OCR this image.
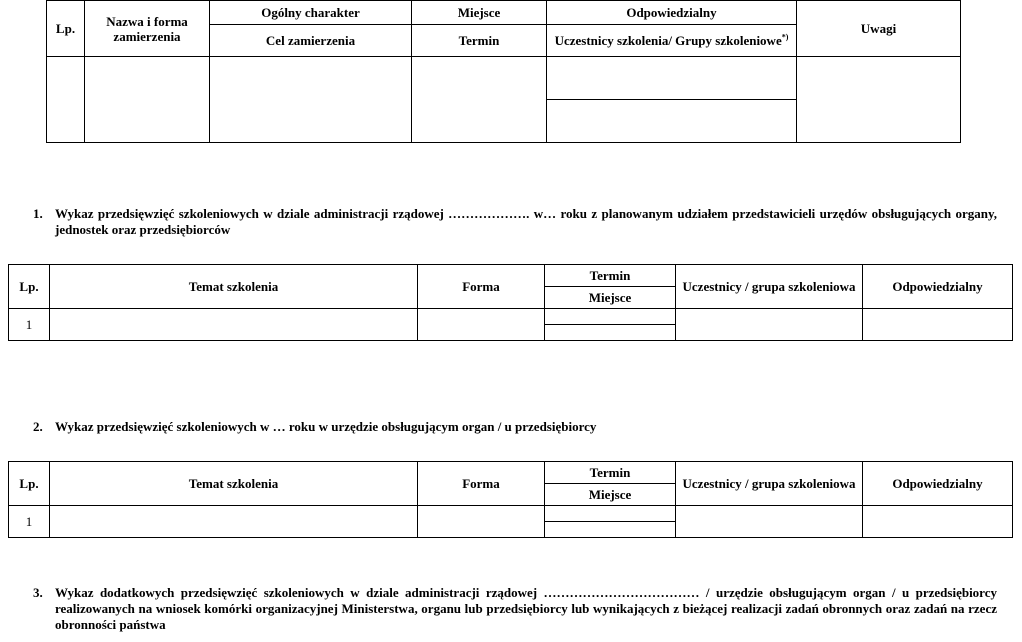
Lp.	Nazwa i forma zamierzenia	Ogólny charakter	Miejsce	Odpowiedzialny	Uwagi
		Cel zamierzenia	Termin	Uczestnicy szkolenia/ Grupy szkoleniowe*)

1. Wykaz przedsięwzięć szkoleniowych w dziale administracji rządowej ………………. w… roku z planowanym udziałem przedstawicieli urzędów obsługujących organy, jednostek oraz przedsiębiorców
Lp.	Temat szkolenia	Forma	Termin	Uczestnicy / grupa szkoleniowa	Odpowiedzialny
			Miejsce		
1					

2. Wykaz przedsięwzięć szkoleniowych w … roku w urzędzie obsługującym organ / u przedsiębiorcy
Lp.	Temat szkolenia	Forma	Termin	Uczestnicy / grupa szkoleniowa	Odpowiedzialny
			Miejsce		
1					

3. Wykaz dodatkowych przedsięwzięć szkoleniowych w dziale administracji rządowej ……………………………… / urzędzie obsługującym organ / u przedsiębiorcy realizowanych na wniosek komórki organizacyjnej Ministerstwa, organu lub przedsiębiorcy lub wynikających z bieżącej realizacji zadań obronnych oraz zadań na rzecz obronności państwa
